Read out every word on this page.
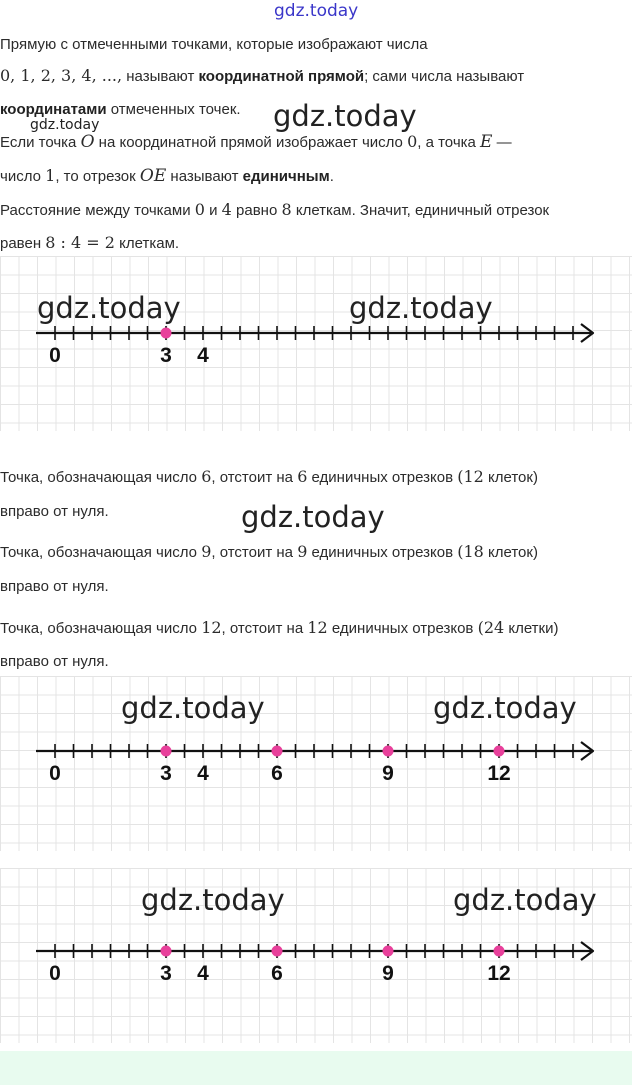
gdz.today
gdz.today	gdz.today
gdz.today
Прямую с отмеченными точками, которые изображают числа
0, 1, 2, 3, 4, ..., называют координатной прямой; сами числа называют
координатами отмеченных точек.
Если точка O на координатной прямой изображает число 0, а точка E —
число 1, то отрезок OE называют единичным.
Расстояние между точками 0 и 4 равно 8 клеткам. Значит, единичный отрезок
равен 8 : 4 = 2 клеткам.
gdz.today	gdz.today
0	3 4
Точка, обозначающая число 6, отстоит на 6 единичных отрезков (12 клеток)
вправо от нуля.
Точка, обозначающая число 9, отстоит на 9 единичных отрезков (18 клеток)
вправо от нуля.
Точка, обозначающая число 12, отстоит на 12 единичных отрезков (24 клетки)
вправо от нуля.
gdz.today	gdz.today
0	3 4	6	9	12
gdz.today	gdz.today
0	3 4	6	9	12
